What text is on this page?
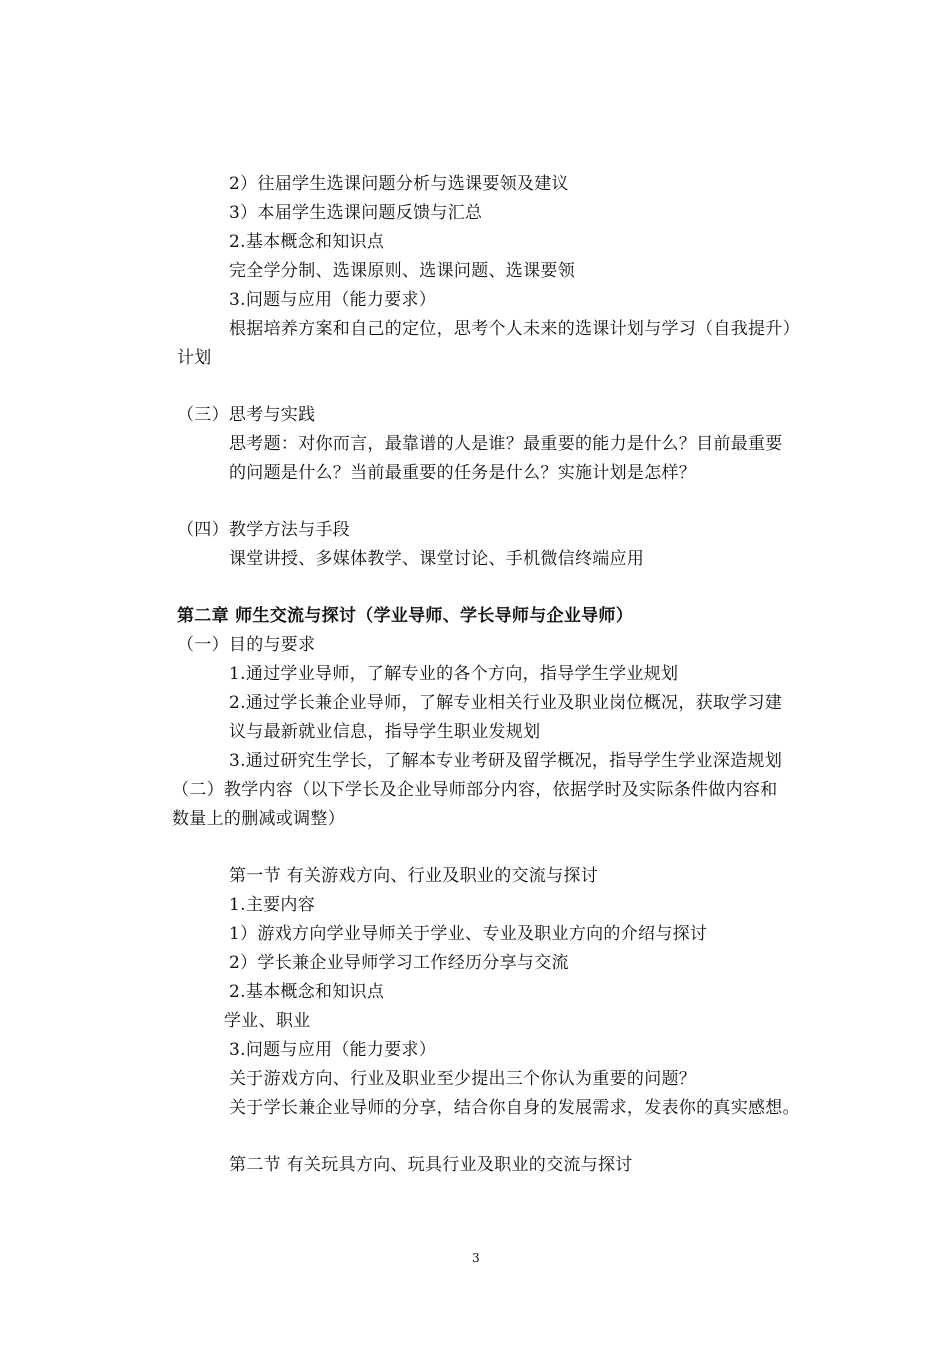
2）往届学生选课问题分析与选课要领及建议
3）本届学生选课问题反馈与汇总
2.基本概念和知识点
完全学分制、选课原则、选课问题、选课要领
3.问题与应用（能力要求）
根据培养方案和自己的定位，思考个人未来的选课计划与学习（自我提升）
计划
（三）思考与实践
思考题：对你而言，最靠谱的人是谁？最重要的能力是什么？目前最重要
的问题是什么？当前最重要的任务是什么？实施计划是怎样？
（四）教学方法与手段
课堂讲授、多媒体教学、课堂讨论、手机微信终端应用
第二章 师生交流与探讨（学业导师、学长导师与企业导师）
（一）目的与要求
1.通过学业导师，了解专业的各个方向，指导学生学业规划
2.通过学长兼企业导师，了解专业相关行业及职业岗位概况，获取学习建
议与最新就业信息，指导学生职业发规划
3.通过研究生学长，了解本专业考研及留学概况，指导学生学业深造规划
（二）教学内容（以下学长及企业导师部分内容，依据学时及实际条件做内容和
数量上的删减或调整）
第一节 有关游戏方向、行业及职业的交流与探讨
1.主要内容
1）游戏方向学业导师关于学业、专业及职业方向的介绍与探讨
2）学长兼企业导师学习工作经历分享与交流
2.基本概念和知识点
学业、职业
3.问题与应用（能力要求）
关于游戏方向、行业及职业至少提出三个你认为重要的问题？
关于学长兼企业导师的分享，结合你自身的发展需求，发表你的真实感想。
第二节 有关玩具方向、玩具行业及职业的交流与探讨
3
